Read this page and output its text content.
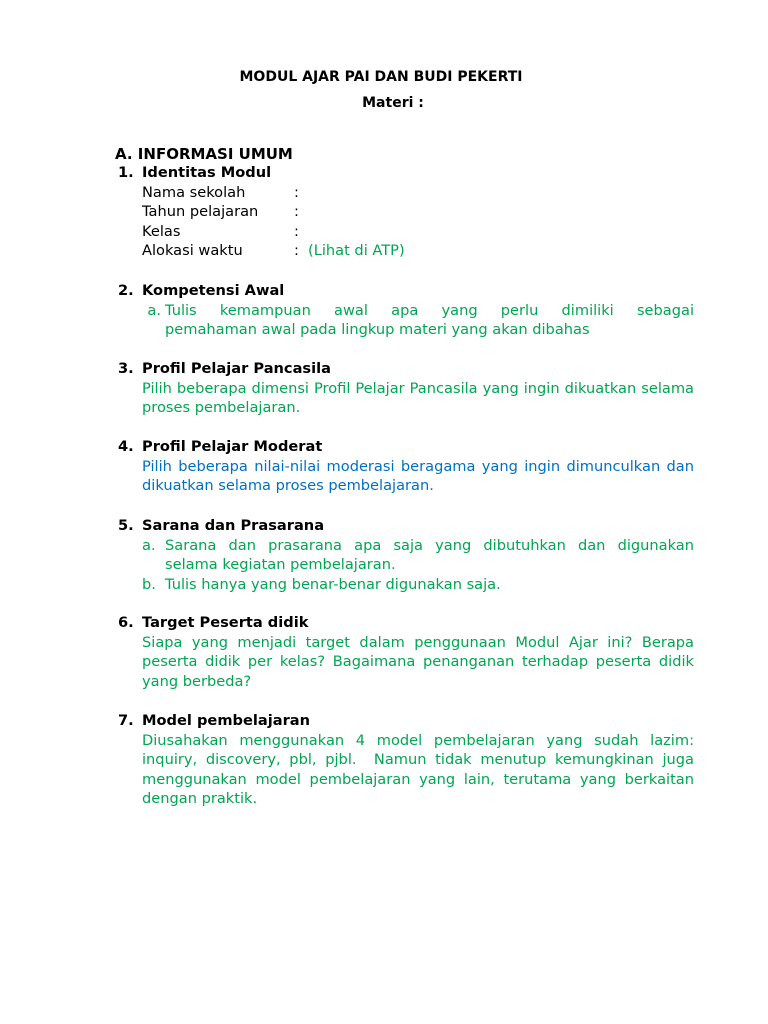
MODUL AJAR PAI DAN BUDI PEKERTI
Materi :
A. INFORMASI UMUM
1. Identitas Modul
Nama sekolah	:
Tahun pelajaran	:
Kelas	:
Alokasi waktu	: (Lihat di ATP)
2. Kompetensi Awal
a. Tulis kemampuan awal apa yang perlu dimiliki sebagai
pemahaman awal pada lingkup materi yang akan dibahas
3. Profil Pelajar Pancasila
Pilih beberapa dimensi Profil Pelajar Pancasila yang ingin dikuatkan selama proses pembelajaran.
4. Profil Pelajar Moderat
Pilih beberapa nilai-nilai moderasi beragama yang ingin dimunculkan dan dikuatkan selama proses pembelajaran.
5. Sarana dan Prasarana
a. Sarana dan prasarana apa saja yang dibutuhkan dan digunakan
selama kegiatan pembelajaran.
b. Tulis hanya yang benar-benar digunakan saja.
6. Target Peserta didik
Siapa yang menjadi target dalam penggunaan Modul Ajar ini? Berapa peserta didik per kelas? Bagaimana penanganan terhadap peserta didik yang berbeda?
7. Model pembelajaran
Diusahakan menggunakan 4 model pembelajaran yang sudah lazim: inquiry, discovery, pbl, pjbl.  Namun tidak menutup kemungkinan juga menggunakan model pembelajaran yang lain, terutama yang berkaitan dengan praktik.
